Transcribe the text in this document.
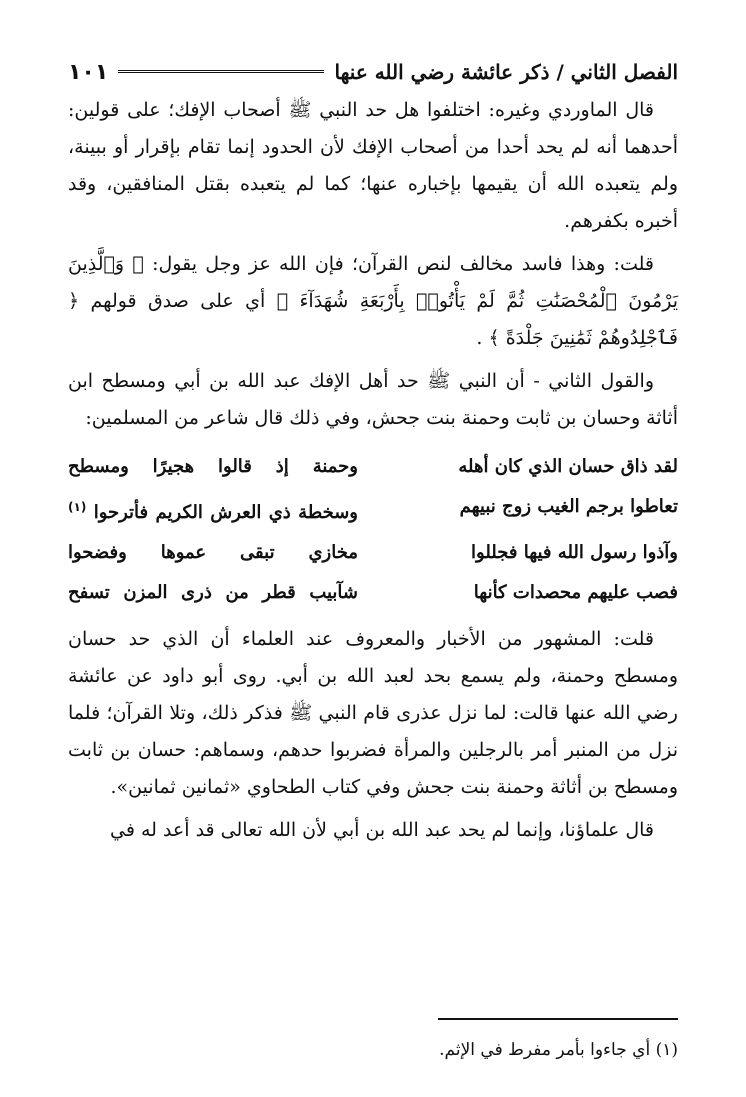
الفصل الثاني / ذكر عائشة رضي الله عنها
١٠١

قال الماوردي وغيره: اختلفوا هل حد النبي ﷺ أصحاب الإفك؛ على قولين: أحدهما أنه لم يحد أحدا من أصحاب الإفك لأن الحدود إنما تقام بإقرار أو ببينة، ولم يتعبده الله أن يقيمها بإخباره عنها؛ كما لم يتعبده بقتل المنافقين، وقد أخبره بكفرهم.

قلت: وهذا فاسد مخالف لنص القرآن؛ فإن الله عز وجل يقول: ﴿ وَٱلَّذِينَ يَرْمُونَ ٱلْمُحْصَنَٰتِ ثُمَّ لَمْ يَأْتُوا۟ بِأَرْبَعَةِ شُهَدَآءَ ﴾ أي على صدق قولهم ﴿ فَٱجْلِدُوهُمْ ثَمَٰنِينَ جَلْدَةً ﴾ .

والقول الثاني - أن النبي ﷺ حد أهل الإفك عبد الله بن أبي ومسطح ابن أثاثة وحسان بن ثابت وحمنة بنت جحش، وفي ذلك قال شاعر من المسلمين:

لقد ذاق حسان الذي كان أهله
وحمنة إذ قالوا هجيرًا ومسطح
تعاطوا برجم الغيب زوج نبيهم
وسخطة ذي العرش الكريم فأترحوا $^{(١)}$
وآذوا رسول الله فيها فجللوا
مخازي تبقى عموها وفضحوا
فصب عليهم محصدات كأنها
شآبيب قطر من ذرى المزن تسفح

قلت: المشهور من الأخبار والمعروف عند العلماء أن الذي حد حسان ومسطح وحمنة، ولم يسمع بحد لعبد الله بن أبي. روى أبو داود عن عائشة رضي الله عنها قالت: لما نزل عذرى قام النبي ﷺ فذكر ذلك، وتلا القرآن؛ فلما نزل من المنبر أمر بالرجلين والمرأة فضربوا حدهم، وسماهم: حسان بن ثابت ومسطح بن أثاثة وحمنة بنت جحش وفي كتاب الطحاوي «ثمانين ثمانين».

قال علماؤنا، وإنما لم يحد عبد الله بن أبي لأن الله تعالى قد أعد له في

(١) أي جاءوا بأمر مفرط في الإثم.
